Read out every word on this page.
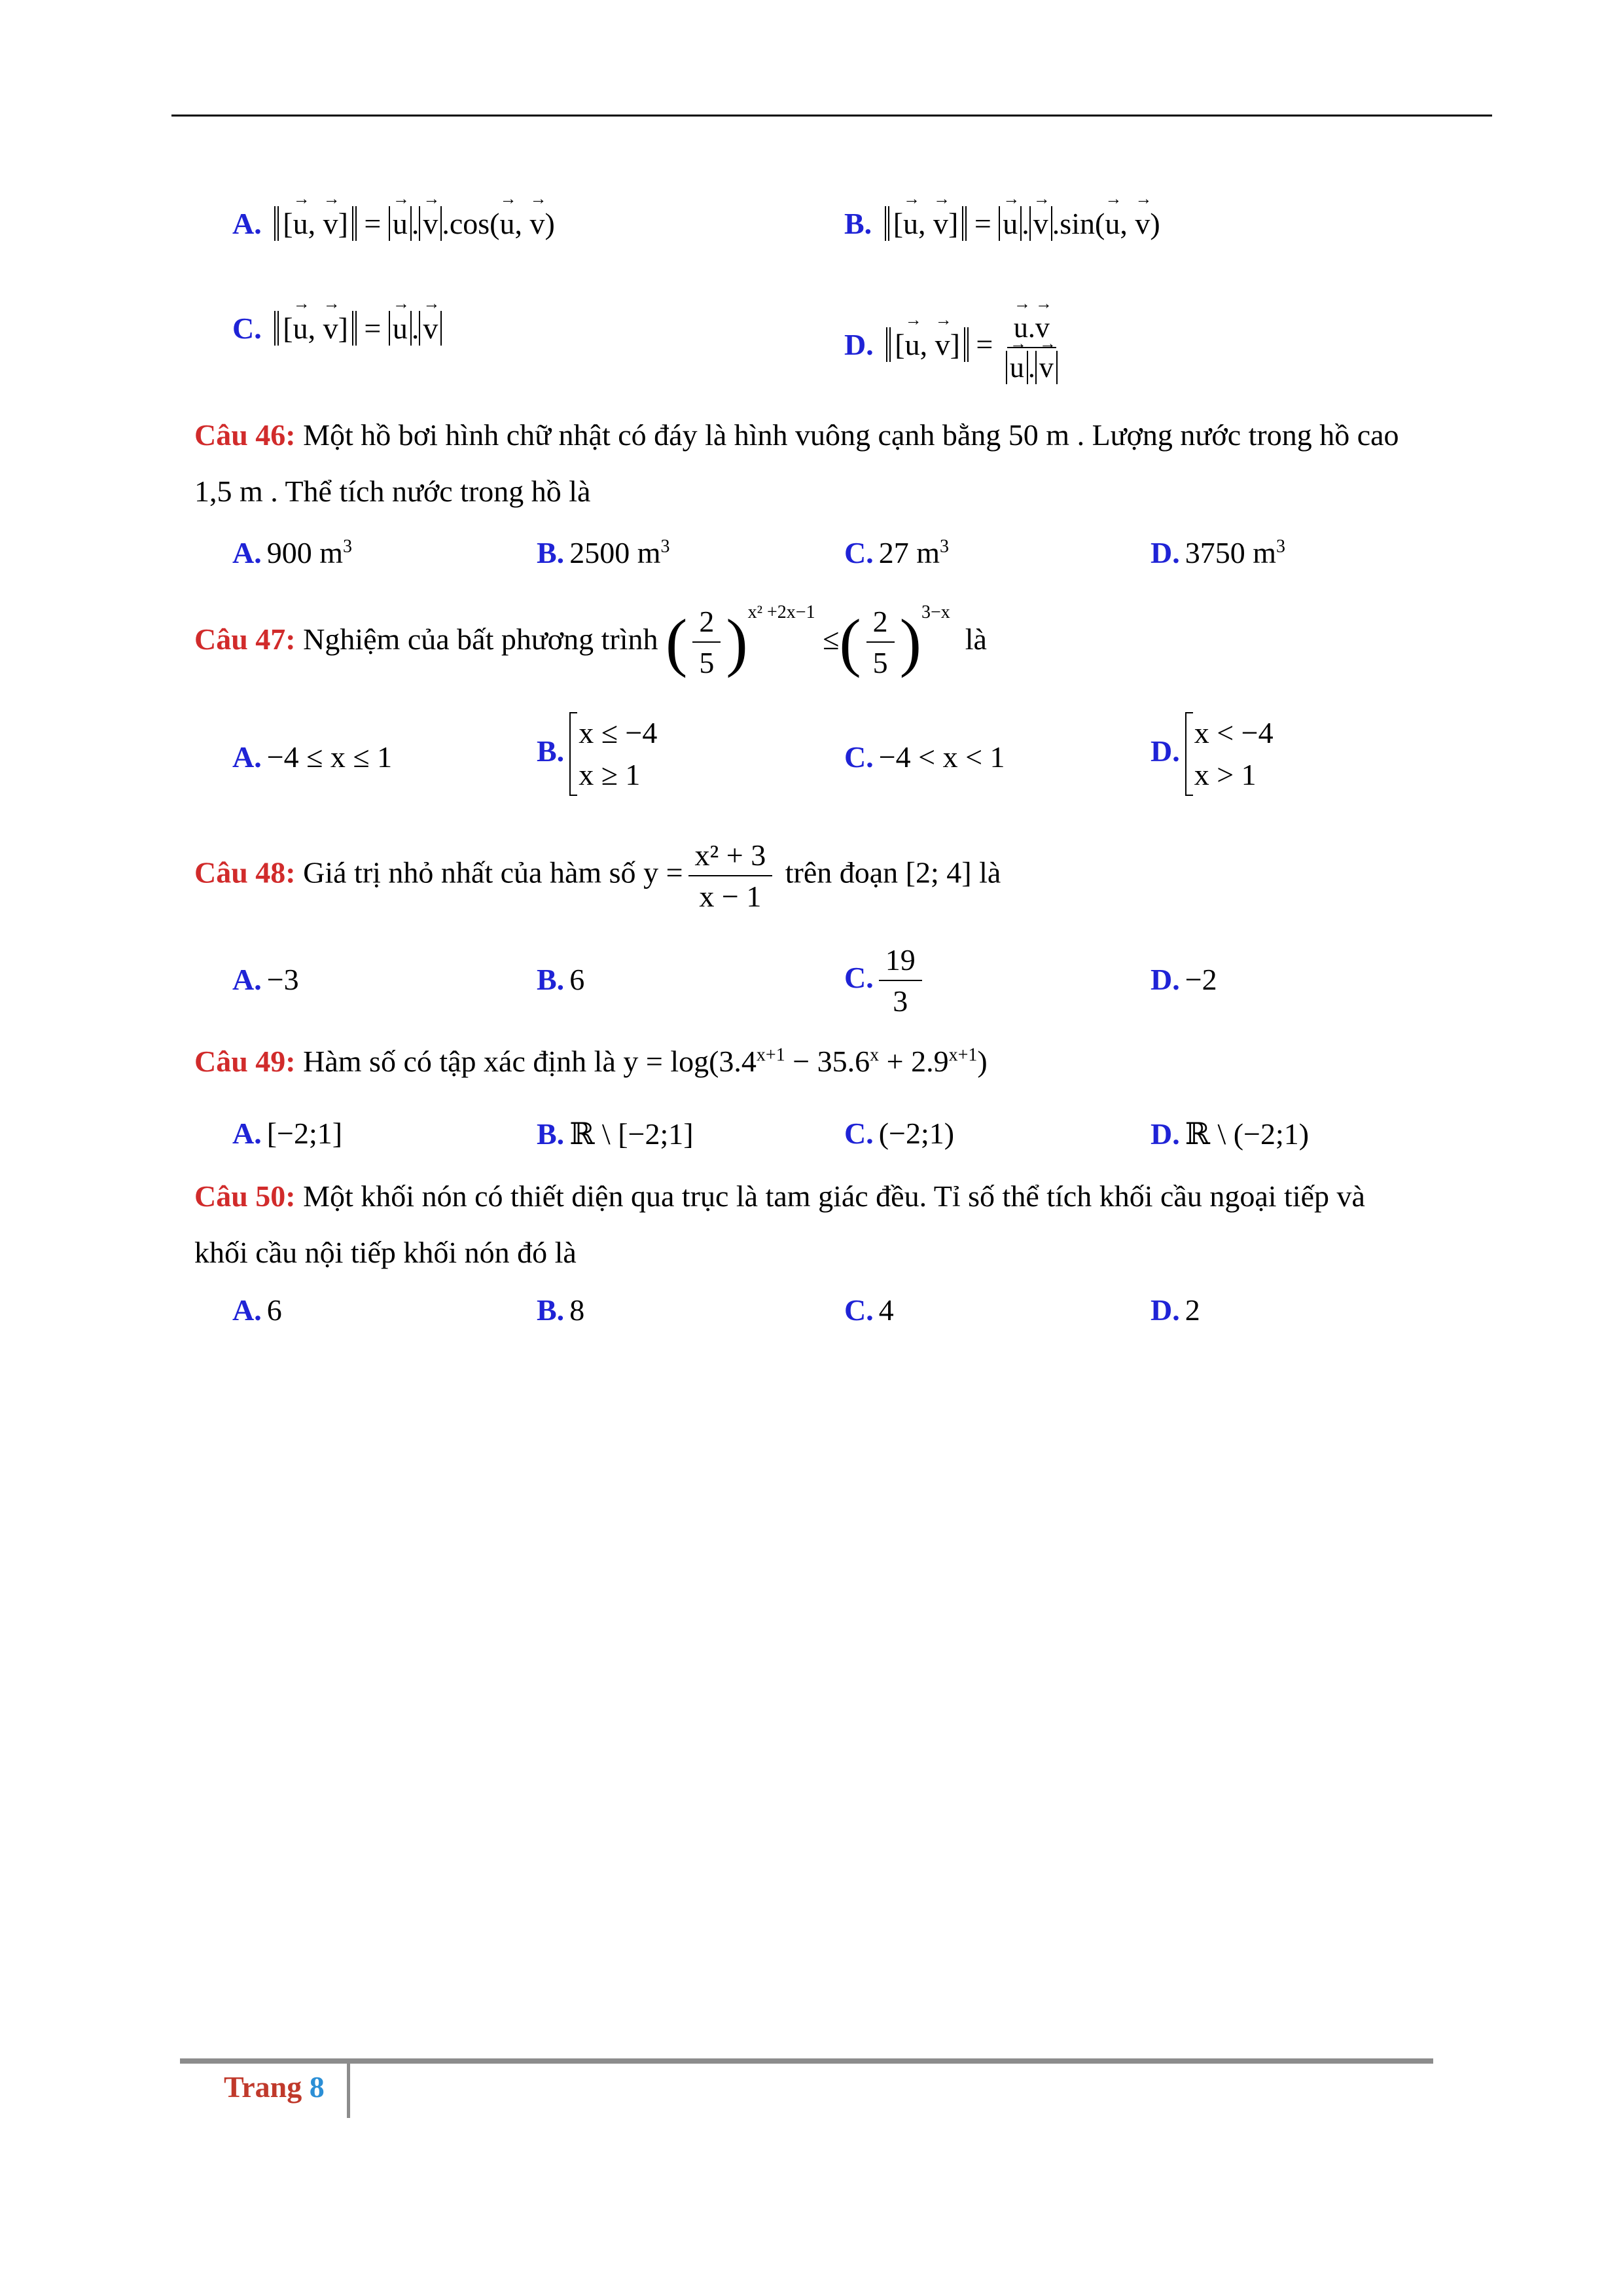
A. [→ u, → v] = → u . → v .cos(→ u, → v)	B. [→ u, → v] = → u . → v .sin(→ u, → v)
C. [→ u, → v] = → u . → v	D. [→ u, → v] = → u.→ v
→ u . → v
Câu 46: Một hồ bơi hình chữ nhật có đáy là hình vuông cạnh bằng 50 m . Lượng nước trong hồ cao 1,5 m . Thể tích nước trong hồ là
A. 900 $m^3$	B. 2500 $m^3$	C. 27 $m^3$	D. 3750 $m^3$
Câu 47: Nghiệm của bất phương trình ( $\frac{2}{5} )^{x^2 +2x-1}$ ≤( $\frac{2}{5} )^{3-x}$  là
A. −4 ≤ x ≤ 1	B.
x ≤ −4
x ≥ 1
C. −4 < x < 1	D.
x < −4
x > 1
Câu 48: Giá trị nhỏ nhất của hàm số $y = \frac{\text{x² + 3}}{x - 1}$ trên đoạn [2; 4] là
A. −3	B. 6	C. $\frac{19}{3}$	D. −2
Câu 49: Hàm số có tập xác định là $y = \log(3.4^{x+1} - 35.6^x + 2.9^{x+1})$
A. [−2;1]	B. ℝ \ [−2;1]	C. (−2;1)	D. ℝ \ (−2;1)
Câu 50: Một khối nón có thiết diện qua trục là tam giác đều. Tỉ số thể tích khối cầu ngoại tiếp và khối cầu nội tiếp khối nón đó là
A. 6	B. 8	C. 4	D. 2
Trang 8
